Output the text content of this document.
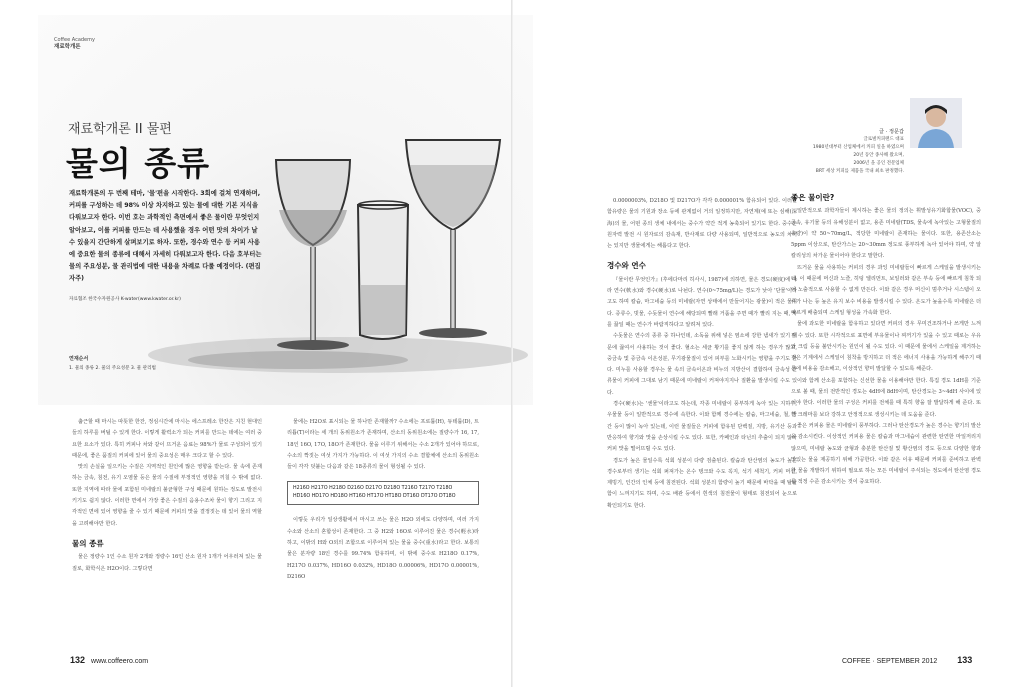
Coffee Academy
재료학개론
재료학개론 II 물편
물의 종류
재료학개론의 두 번째 테마, '물'편을 시작한다. 3회에 걸쳐 연재하며, 커피를 구성하는 데 98% 이상 차지하고 있는 물에 대한 기본 지식을 다뤄보고자 한다. 이번 호는 과학적인 측면에서 좋은 물이란 무엇인지 알아보고, 이를 커피를 만드는 데 사용했을 경우 어떤 맛의 차이가 날 수 있을지 간단하게 살펴보기로 하자. 또한, 경수와 연수 등 커피 사용에 중요한 물의 종류에 대해서 자세히 다뤄보고자 한다. 다음 호부터는 물의 주요성분, 물 관리법에 대한 내용을 차례로 다룰 예정이다. (편집자주)
자료협조 한국수자원공사 K-water(www.kwater.or.kr)
연재순서
1. 물의 종류 2. 물의 주요성분 3. 물 관리법

춥근할 때 마시는 따뜻한 한잔, 정심시간에 마시는 에스프레소 한잔은 지친 현대인들의 하루를 버틸 수 있게 한다. 이렇게 활력소가 되는 커피를 만드는 데에는 여러 중요한 요소가 있다. 특히 커피나 차와 같이 뜨거운 음료는 98%가 물로 구성되어 있기 때문에, 좋은 품질의 커피에 있어 물의 중요성은 매우 크다고 할 수 있다.

맛의 손실을 일으키는 수질은 지역적인 원인에 많은 영향을 받는다. 물 속에 존재하는 금속, 침전, 유기 오염물 등은 물의 수질에 부정적인 영향을 끼칠 수 밖에 없다. 또한 지역에 따라 물에 포함된 미네랄의 불균형한 구성 때문에 원하는 정도로 발전시키기도 쉽지 않다. 이러한 면에서 가장 좋은 수질의 음용수조차 물이 향기 그리고 지각적인 면에 있어 영향을 줄 수 있기 때문에 커피의 맛을 결정짓는 데 있어 물의 역할을 고려해야만 한다.

물의 종류

물은 정량수 1인 수소 원자 2개와 정량수 16인 산소 원자 1개가 어우러져 있는 물질로, 화학식은 H2O이다. 그렇다면

물에는 H2O로 표시되는 물 하나만 존재할까? 수소에는 프로튬(H), 듀테륨(D), 트리튬(T)이라는 세 개의 동위원소가 존재하며, 산소의 동위원소에는 질량수가 16, 17, 18인 16O, 17O, 18O가 존재한다. 물을 이루기 위해서는 수소 2개가 있어야 하므로, 수소의 짝짓는 여섯 가지가 가능하다. 이 여섯 가지의 수소 결합체에 산소의 동위원소들이 각각 덧붙는 다음과 같은 18종류의 물이 형성될 수 있다.

H216O H217O H218O D216O D217O D218O T216O T217O T218O
HD16O HD17O HD18O HT16O HT17O HT18O DT16O DT17O DT18O

이렇듯 우리가 일상생활에서 마시고 쓰는 물은 H2O 외에도 다양하며, 여러 가지 수소와 산소의 혼합성이 존재한다. 그 중 H2와 16O로 이루어진 물은 경수(輕水)라 하고, 이밖의 H와 O외의 조합으로 이루어져 있는 물을 중수(重水)라고 한다. 보통의 물은 분자량 18인 경수를 99.74% 함유하며, 이 밖에 중수로 H218O 0.17%, H217O 0.037%, HD16O 0.032%, HD18O 0.00006%, HD17O 0.00001%, D216O

132 www.coffeero.com

0.0000003%, D218O 및 D217O가 각각 0.000001% 함유되어 있다. 이러한 함유량은 물의 기원과 장소 등에 관계없이 거의 일정하지만, 자연계(예 또는 심해(深海)의 물, 어떤 종의 생체 내에서는 중수가 약간 적게 농축되어 있기도 한다. 중수는 원자력 발전 시 원자로의 감속재, 반사재로 다량 사용되며, 일반적으로 농도의 차이는 있지만 생물에게는 해롭다고 한다.

경수와 연수

『물이란 무엇인가』(후에다마리 히사시, 1987)에 의하면, 물은 경도(硬度)에 따라 연수(軟水)와 경수(硬水)로 나뉜다. 연수(0~75mg/L)는 경도가 낮아 '단물'이라고도 하며 칼슘, 마그네슘 등의 미네랄(자연 상태에서 만들어지는 광물)이 적은 물이다. 증류수, 빗물, 수돗물이 연수에 해당되며 빨래 거품을 주면 때가 빨리 지는 때, 차를 끓일 때는 연수가 바람직하다고 알려져 있다.

수돗물은 연수의 종류 중 하나인데, 소독을 위해 넣은 염소에 강한 냄새가 있기 때문에 끓여서 사용하는 것이 좋다. 혈소는 세균 황기를 좋지 않게 하는 경우가 많고, 중금속 및 증금속 이온성분, 무기광물질이 있어 피부를 노화시키는 영향을 주기도 한다. 미누를 사용할 경우는 물 속의 금속이온과 비누의 지방산이 결합하여 금속성 찬류물이 커피에 그대로 남기 때문에 미네랄이 커져야지지나 질환을 발생시킬 수도 있다.

경수(硬水)는 '센물'이라고도 하는데, 각종 미네랄이 풍부하게 녹아 있는 지하수, 우물물 등이 일반적으로 경수에 속한다. 이와 함께 경수에는 칼슘, 마그네슘, 철, 망간 등이 많이 녹아 있는데, 이런 물질들은 커피에 함유된 단백질, 지방, 유기산 등과 반응하여 향기와 맛을 손상시킬 수도 있다. 또한, 카페인과 타닌의 추출이 되지 않아 커피 맛을 떨어뜨릴 수도 있다.

경도가 높은 물일수록 석회 성분이 다량 검출된다. 칼슘과 탄산염의 농도가 높은 경수로부터 생기는 석회 퍼져가는 온수 탱크와 수도 꼭지, 석기 세척기, 커피 머신, 제빙기, 인간의 인체 등에 침전된다. 석회 성분의 함량이 높기 때문에 바닥을 때 탈탈함이 느껴지기도 하며, 수도 배관 등에서 흰색의 침전물이 형태로 침전되어 눈으로 확인되기도 한다.

좋은 물이란?

일반적으로 과학자들이 제시하는 좋은 물의 정의는 휘발성유기화합물(VOC), 중금속, 유기물 등의 유해성분이 없고, 용존 미네랄(TDS, 물속에 녹아있는 고형물질의 총량)이 약 50~70mg/L, 적당한 미네랄이 존재하는 물이다. 또한, 용존산소는 5ppm 이상으로, 탄산가스는 20~30mm 정도로 풍부하게 녹아 있어야 하며, 약 알칼리성의 차가운 물이어야 한다고 말한다.

뜨거운 물을 사용하는 커피의 경우 과잉 미네랄들이 빠르게 스케일을 발생시키는데, 이 때문에 머신과 노즐, 히팅 엘리먼트, 보일러와 같은 부속 등에 빠르게 침착 되어 노출적으로 사용할 수 없게 만든다. 이와 같은 경우 머신이 멈추거나 시스템이 오류가 나는 등 높은 유지 보수 비용을 발생시킬 수 있다. 온도가 높을수록 미네랄은 더 빠르게 배출되며 스케일 형성을 가속화 한다.

물에 과도한 미네랄을 함유하고 있다면 커피의 경우 무미건조하거나 쓰게만 느껴질 수 있다. 또한 시각적으로 표면에 부유물이나 찌꺼기가 있을 수 있고 때로는 우유와 크림 등을 불안시키는 원인이 될 수도 있다. 이 때문에 물에서 스케일을 제거하는 것은 기계에서 스케일이 침착을 방지하고 더 적은 에너지 사용을 가능하게 해주기 때문에 비용을 감소해고, 이상적인 향미 발달할 수 있도록 해준다.

이와 함께 산소를 포함하는 신선한 물을 이용해야만 한다. 특집 경도 1dH를 기준으로 볼 때, 물의 전반적인 경도는 4dH에 8dH이며, 탄산경도는 3~4dH 사이에 있어야 한다. 이러한 물의 구성은 커피를 전체를 때 특히 향을 잘 발달하게 해 준다. 또한 크레마를 보다 강하고 안정적으로 생성시키는 데 도움을 준다.

좋은 커피용 물은 미네랄이 풍부하다. 그러나 탄산경도가 높은 경수는 향기의 발산을 감소시킨다. 이상적인 커피용 물은 칼슘과 마그네슘이 관련한 탄연한 마일저리지 않으며, 미네랄 농도와 균형과 충분한 탄산질 및 황산염의 경도 등으로 다양한 향과 맛있는 물을 제공하기 위해 가공한다. 이와 같은 이유 때문에 커피를 준비하고 완벽한 물을 개발하기 위하여 필요로 하는 모든 미네랄이 주식되는 정도에서 탄산염 경도를 적정 수준 감소시키는 것이 중요하다.

COFFEE · SEPTEMBER 2012 133
글 · 정문갑
글로벌커피랜드 대표
1980년대부터 산업체에서 커피 일을 하였으며
20년 동안 종사해 왔으며,
2006년 을 공인 전문업체
BRT 세상 커피를 제품을 국내 최초 판정했다.
